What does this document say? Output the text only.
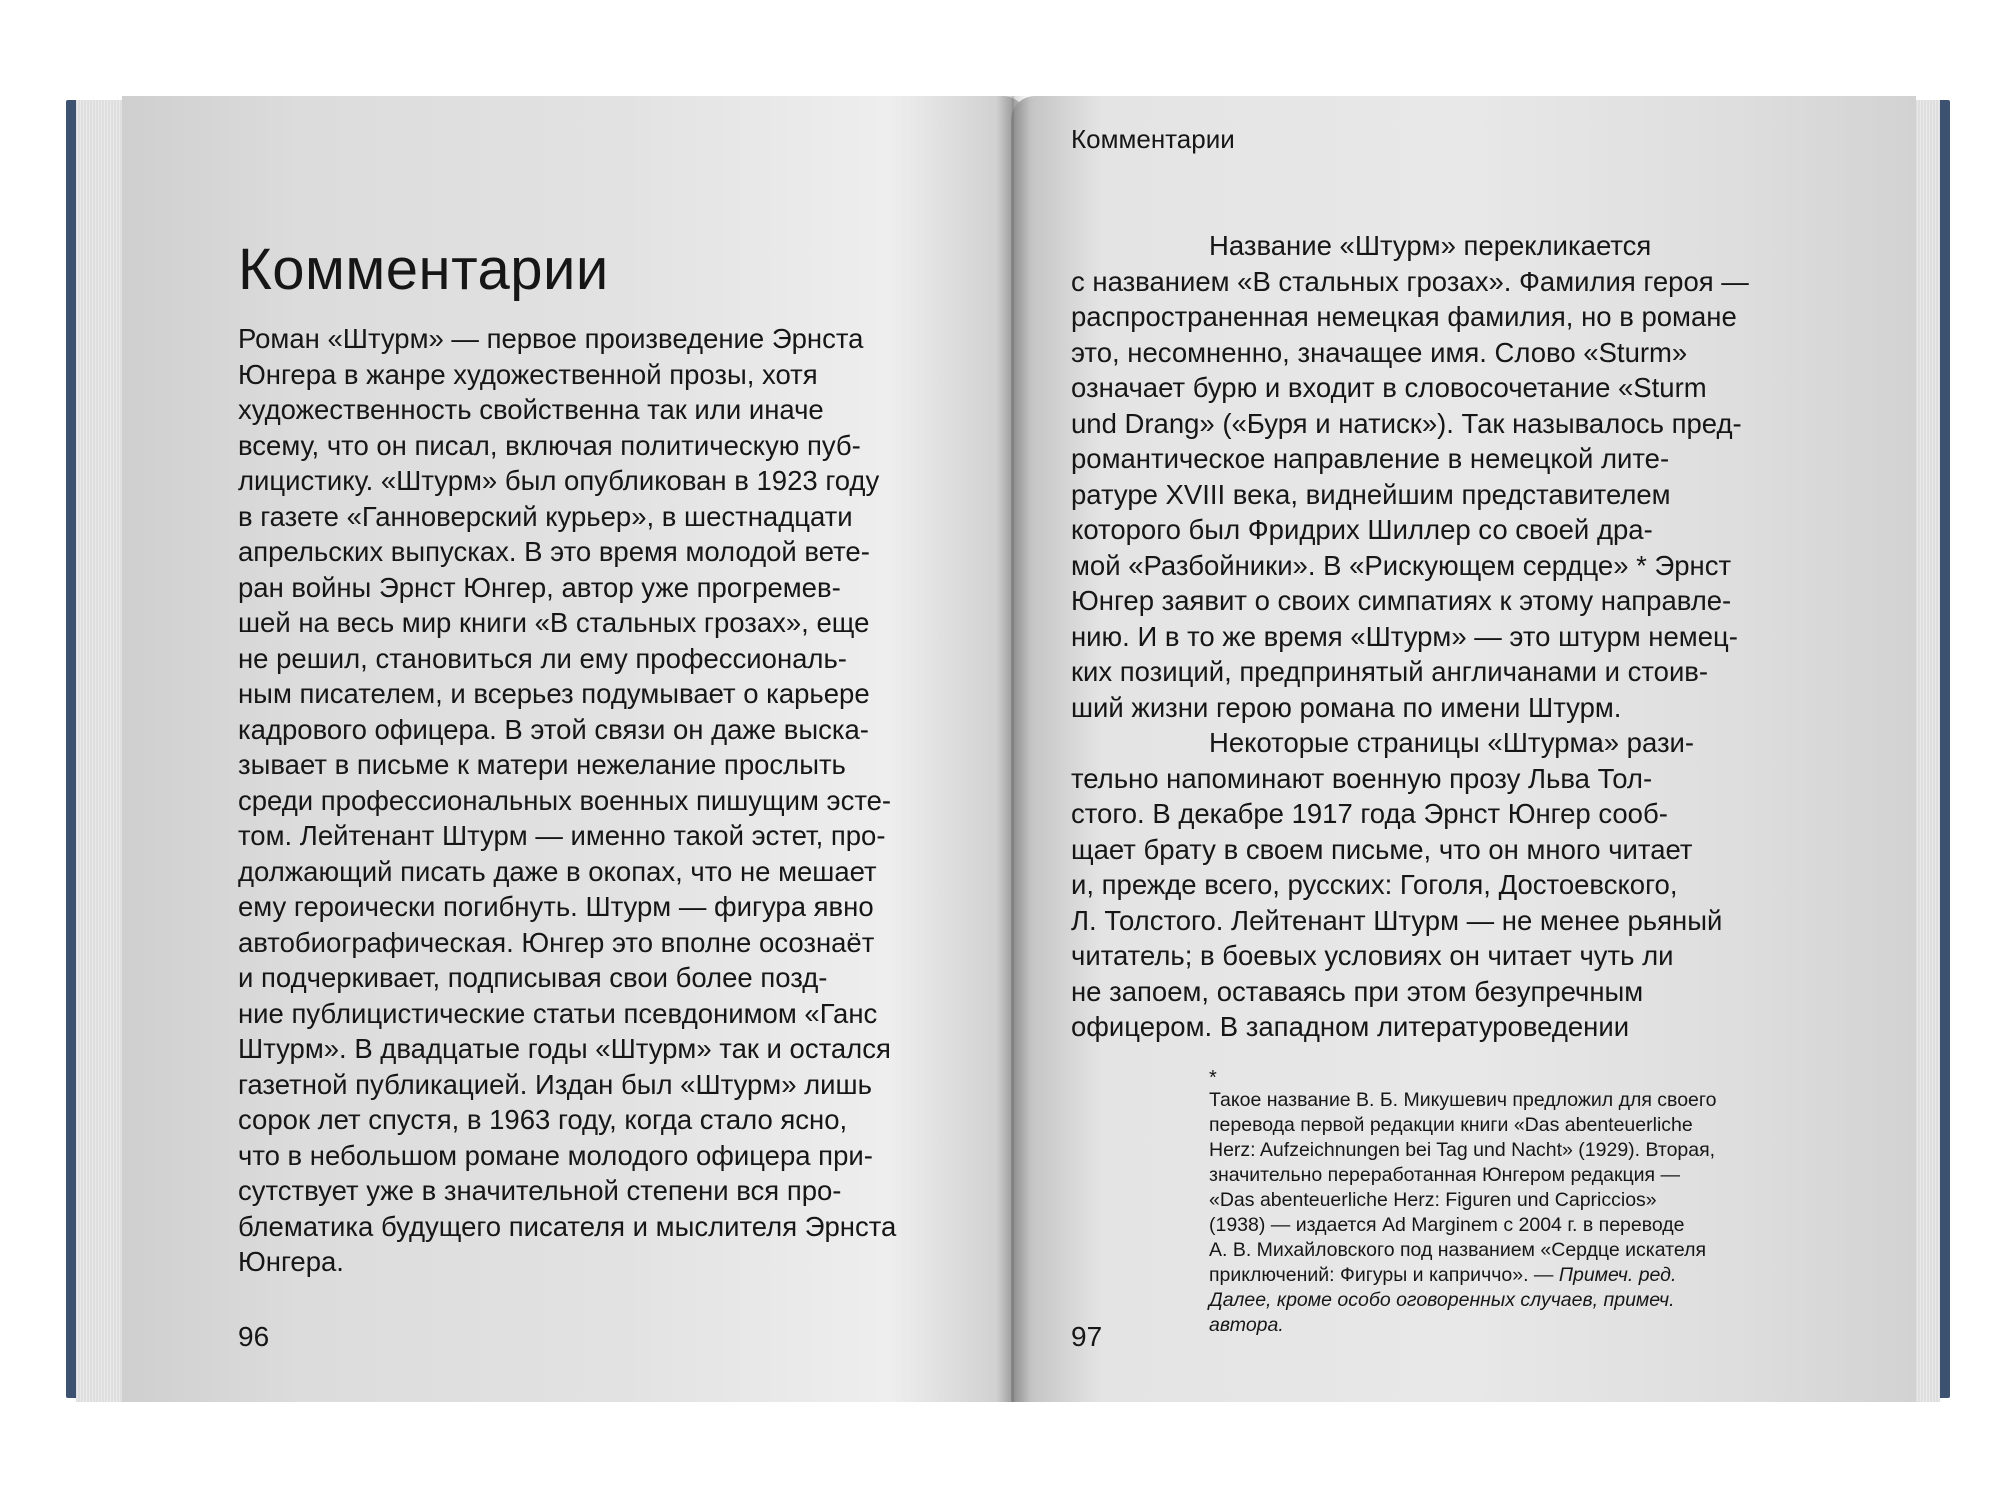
Комментарии

Роман «Штурм» — первое произведение Эрнста
Юнгера в жанре художественной прозы, хотя
художественность свойственна так или иначе
всему, что он писал, включая политическую пуб-
лицистику. «Штурм» был опубликован в 1923 году
в газете «Ганноверский курьер», в шестнадцати
апрельских выпусках. В это время молодой вете-
ран войны Эрнст Юнгер, автор уже прогремев-
шей на весь мир книги «В стальных грозах», еще
не решил, становиться ли ему профессиональ-
ным писателем, и всерьез подумывает о карьере
кадрового офицера. В этой связи он даже выска-
зывает в письме к матери нежелание прослыть
среди профессиональных военных пишущим эсте-
том. Лейтенант Штурм — именно такой эстет, про-
должающий писать даже в окопах, что не мешает
ему героически погибнуть. Штурм — фигура явно
автобиографическая. Юнгер это вполне осознаёт
и подчеркивает, подписывая свои более позд-
ние публицистические статьи псевдонимом «Ганс
Штурм». В двадцатые годы «Штурм» так и остался
газетной публикацией. Издан был «Штурм» лишь
сорок лет спустя, в 1963 году, когда стало ясно,
что в небольшом романе молодого офицера при-
сутствует уже в значительной степени вся про-
блематика будущего писателя и мыслителя Эрнста
Юнгера.

96
Комментарии

Название «Штурм» перекликается
с названием «В стальных грозах». Фамилия героя —
распространенная немецкая фамилия, но в романе
это, несомненно, значащее имя. Слово «Sturm»
означает бурю и входит в словосочетание «Sturm
und Drang» («Буря и натиск»). Так называлось пред-
романтическое направление в немецкой лите-
ратуре XVIII века, виднейшим представителем
которого был Фридрих Шиллер со своей дра-
мой «Разбойники». В «Рискующем сердце» * Эрнст
Юнгер заявит о своих симпатиях к этому направле-
нию. И в то же время «Штурм» — это штурм немец-
ких позиций, предпринятый англичанами и стоив-
ший жизни герою романа по имени Штурм.
Некоторые страницы «Штурма» рази-
тельно напоминают военную прозу Льва Тол-
стого. В декабре 1917 года Эрнст Юнгер сооб-
щает брату в своем письме, что он много читает
и, прежде всего, русских: Гоголя, Достоевского,
Л. Толстого. Лейтенант Штурм — не менее рьяный
читатель; в боевых условиях он читает чуть ли
не запоем, оставаясь при этом безупречным
офицером. В западном литературоведении

*
Такое название В. Б. Микушевич предложил для своего
перевода первой редакции книги «Das abenteuerliche
Herz: Aufzeichnungen bei Tag und Nacht» (1929). Вторая,
значительно переработанная Юнгером редакция —
«Das abenteuerliche Herz: Figuren und Capriccios»
(1938) — издается Ad Marginem с 2004 г. в переводе
А. В. Михайловского под названием «Сердце искателя
приключений: Фигуры и каприччо». — Примеч. ред.
Далее, кроме особо оговоренных случаев, примеч.
автора.
97
